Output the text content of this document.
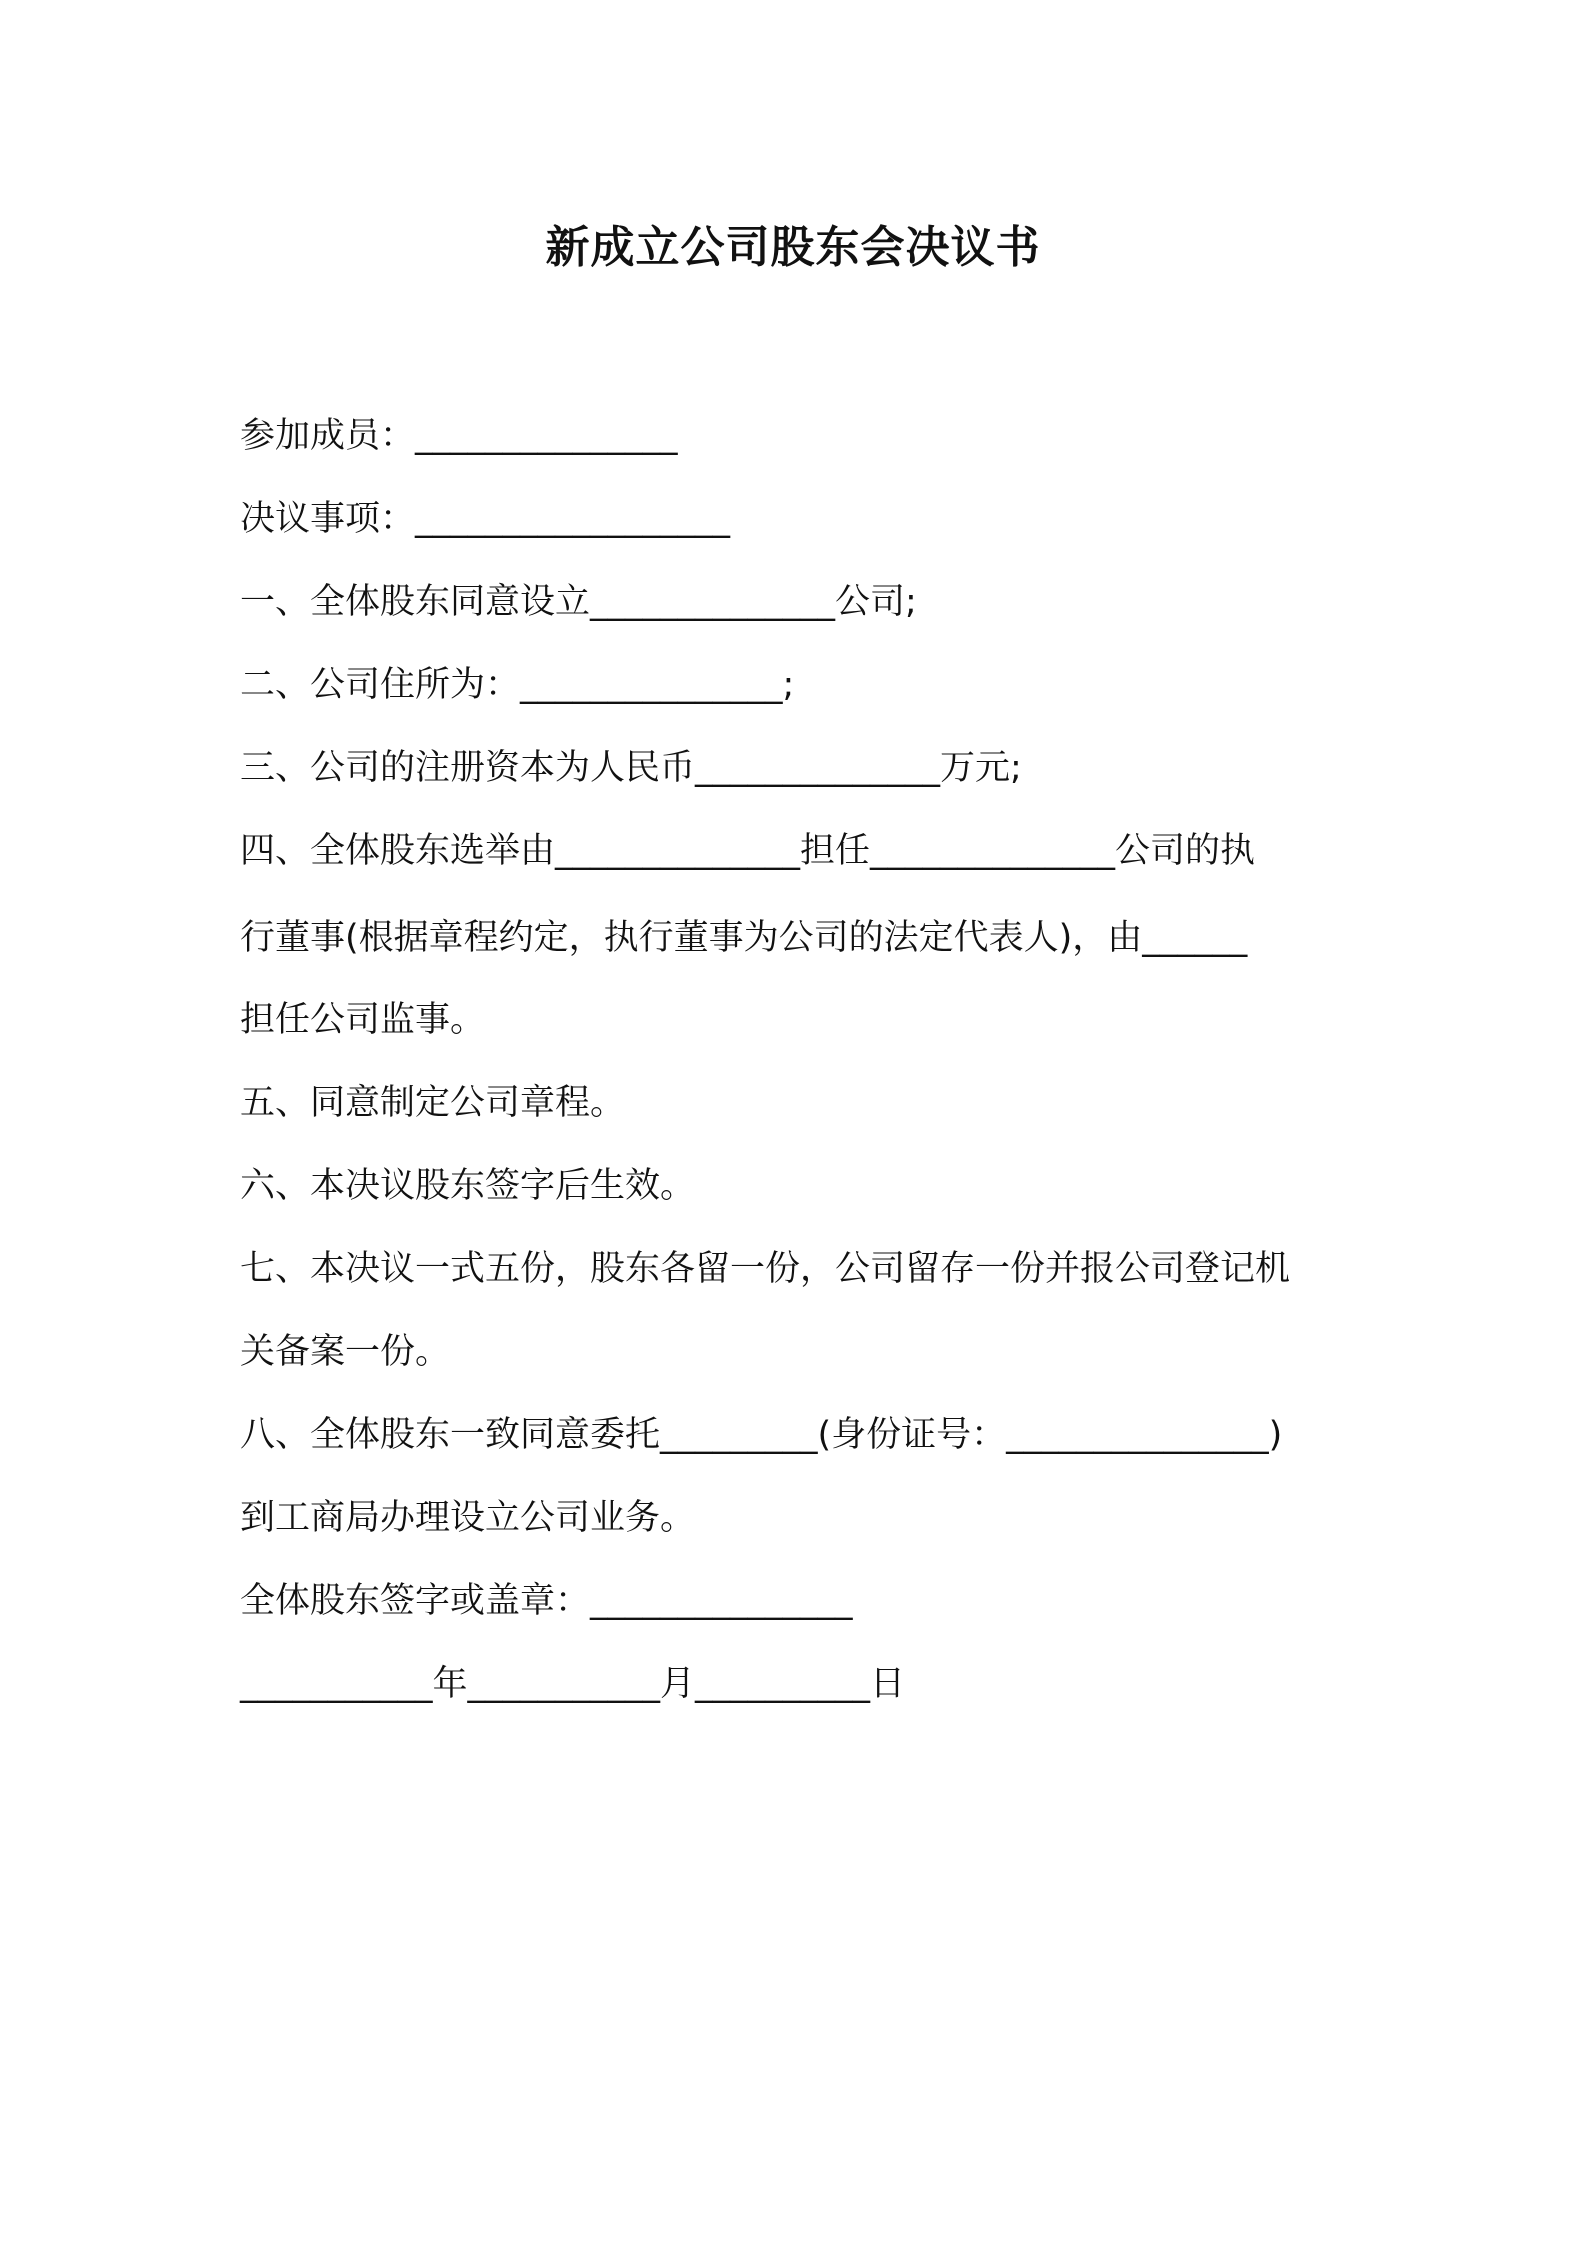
新成立公司股东会决议书

参加成员：_______________

决议事项：__________________

一、全体股东同意设立______________公司;

二、公司住所为：_______________;

三、公司的注册资本为人民币______________万元;

四、全体股东选举由______________担任______________公司的执

行董事(根据章程约定，执行董事为公司的法定代表人)，由______

担任公司监事。

五、同意制定公司章程。

六、本决议股东签字后生效。

七、本决议一式五份，股东各留一份，公司留存一份并报公司登记机

关备案一份。

八、全体股东一致同意委托_________(身份证号：_______________)

到工商局办理设立公司业务。

全体股东签字或盖章：_______________

___________年___________月__________日
